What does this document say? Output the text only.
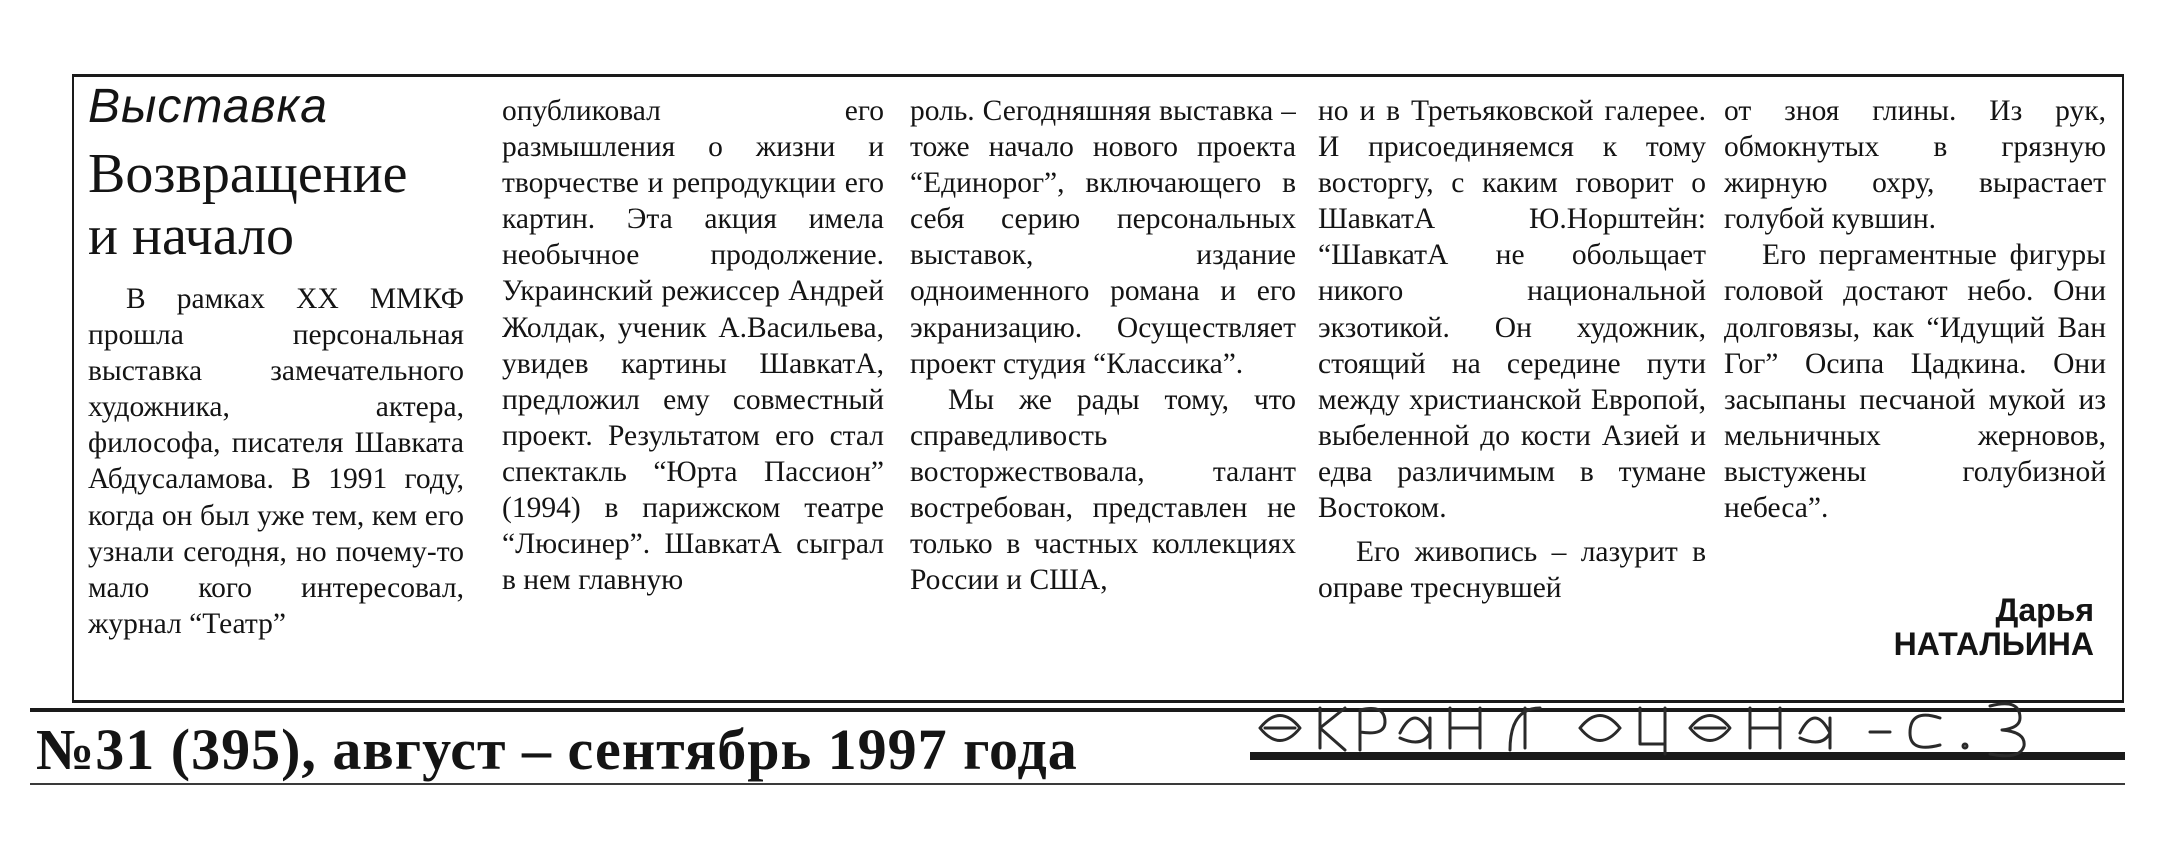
Выставка
Возвращение
и начало

В рамках XX ММКФ прошла персональная выставка замечательного художника, актера, философа, писателя Шавката Абдусаламова. В 1991 году, когда он был уже тем, кем его узнали сегодня, но почему-то мало кого интересовал, журнал “Театр”

опубликовал его размышления о жизни и творчестве и репродукции его картин. Эта акция имела необычное продолжение. Украинский режиссер Андрей Жолдак, ученик А.Васильева, увидев картины ШавкатА, предложил ему совместный проект. Результатом его стал спектакль “Юрта Пассион” (1994) в парижском театре “Люсинер”. ШавкатА сыграл в нем главную

роль. Сегодняшняя выставка – тоже начало нового проекта “Единорог”, включающего в себя серию персональных выставок, издание одноименного романа и его экранизацию. Осуществляет проект студия “Классика”.

Мы же рады тому, что справедливость восторжествовала, талант востребован, представлен не только в частных коллекциях России и США,

но и в Третьяковской галерее. И присоединяемся к тому восторгу, с каким говорит о ШавкатА Ю.Норштейн: “ШавкатА не обольщает никого национальной экзотикой. Он художник, стоящий на середине пути между христианской Европой, выбеленной до кости Азией и едва различимым в тумане Востоком.

Его живопись – лазурит в оправе треснувшей

от зноя глины. Из рук, обмокнутых в грязную жирную охру, вырастает голубой кувшин.

Его пергаментные фигуры головой достают небо. Они долговязы, как “Идущий Ван Гог” Осипа Цадкина. Они засыпаны песчаной мукой из мельничных жерновов, выстужены голубизной небеса”.

Дарья
НАТАЛЬИНА
№31 (395), август – сентябрь 1997 года
